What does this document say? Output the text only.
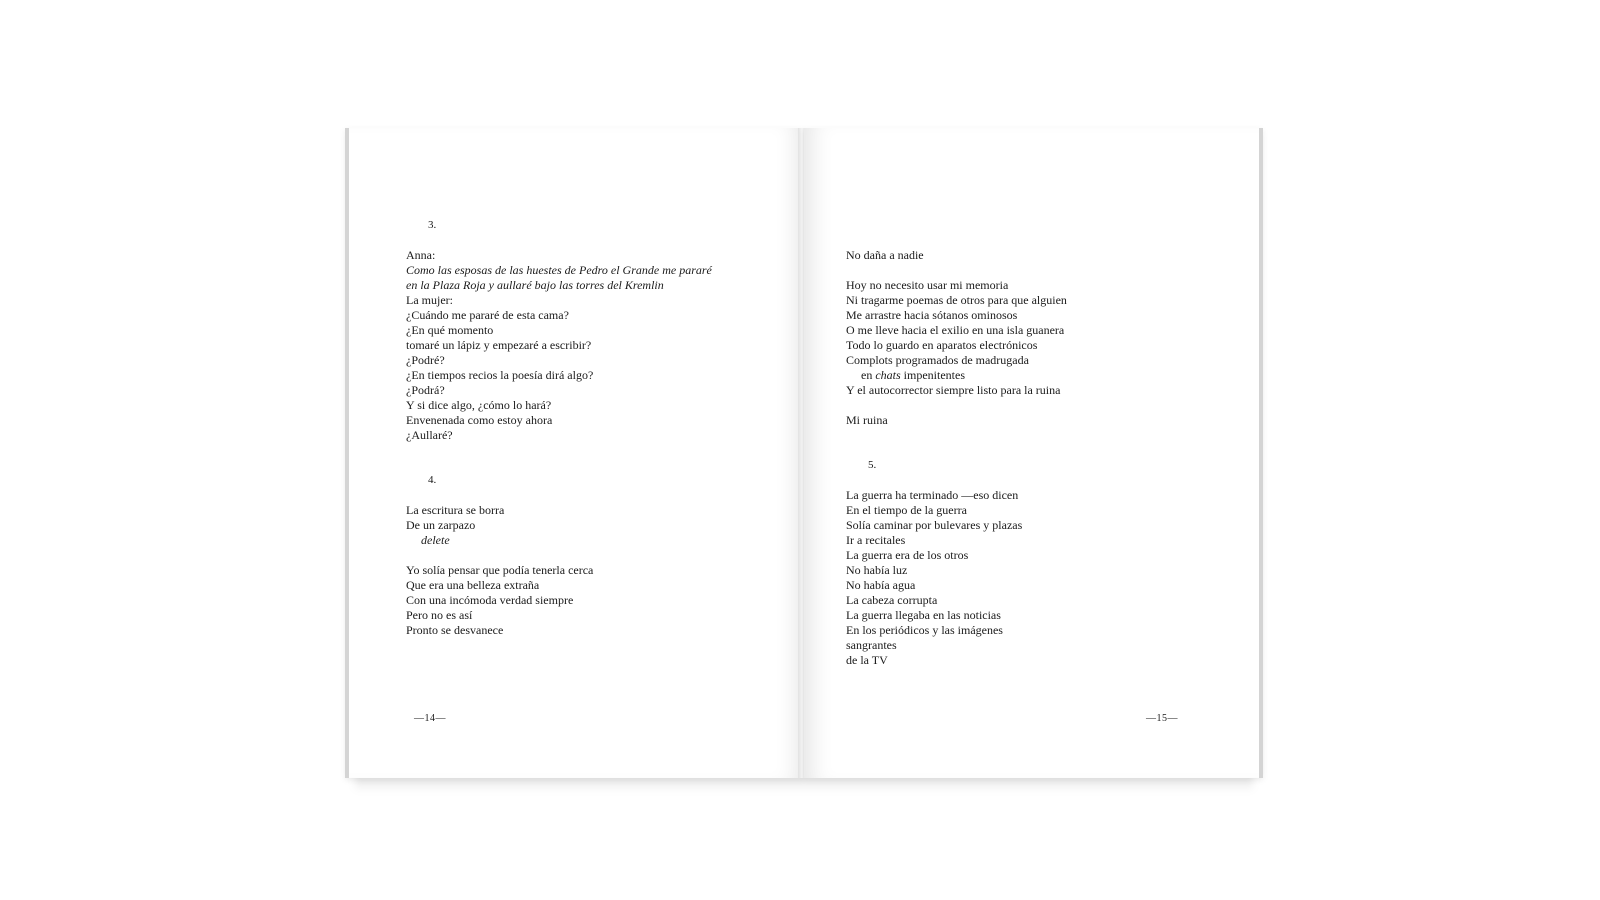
3.
Anna:
Como las esposas de las huestes de Pedro el Grande me pararé
en la Plaza Roja y aullaré bajo las torres del Kremlin
La mujer:
¿Cuándo me pararé de esta cama?
¿En qué momento
tomaré un lápiz y empezaré a escribir?
¿Podré?
¿En tiempos recios la poesía dirá algo?
¿Podrá?
Y si dice algo, ¿cómo lo hará?
Envenenada como estoy ahora
¿Aullaré?
4.
La escritura se borra
De un zarpazo
delete
Yo solía pensar que podía tenerla cerca
Que era una belleza extraña
Con una incómoda verdad siempre
Pero no es así
Pronto se desvanece
—14—
No daña a nadie
Hoy no necesito usar mi memoria
Ni tragarme poemas de otros para que alguien
Me arrastre hacia sótanos ominosos
O me lleve hacia el exilio en una isla guanera
Todo lo guardo en aparatos electrónicos
Complots programados de madrugada
en chats impenitentes
Y el autocorrector siempre listo para la ruina
Mi ruina
5.
La guerra ha terminado —eso dicen
En el tiempo de la guerra
Solía caminar por bulevares y plazas
Ir a recitales
La guerra era de los otros
No había luz
No había agua
La cabeza corrupta
La guerra llegaba en las noticias
En los periódicos y las imágenes
sangrantes
de la TV
—15—
